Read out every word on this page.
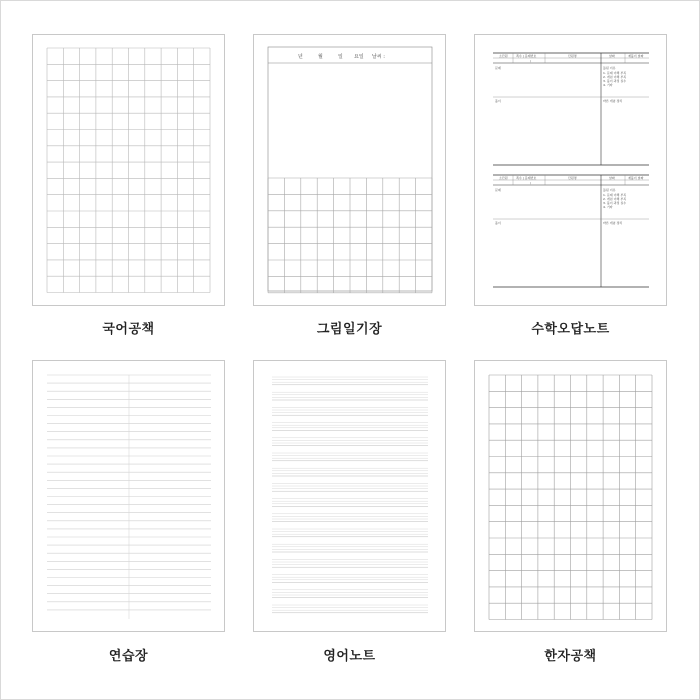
국어공책
년	월	일 요일 날씨 :
그림일기장
소단원	쪽수 | 문제번호	단원명	날짜	재풀이 날짜
/
문제	틀린 이유
1. 문제 이해 부족
2. 개념 이해 부족
3. 풀이 과정 실수
4. 기타
풀이	바른 개념 정리
소단원	쪽수 | 문제번호	단원명	날짜	재풀이 날짜
/
문제	틀린 이유
1. 문제 이해 부족
2. 개념 이해 부족
3. 풀이 과정 실수
4. 기타
풀이	바른 개념 정리
수학오답노트
연습장	영어노트	한자공책
